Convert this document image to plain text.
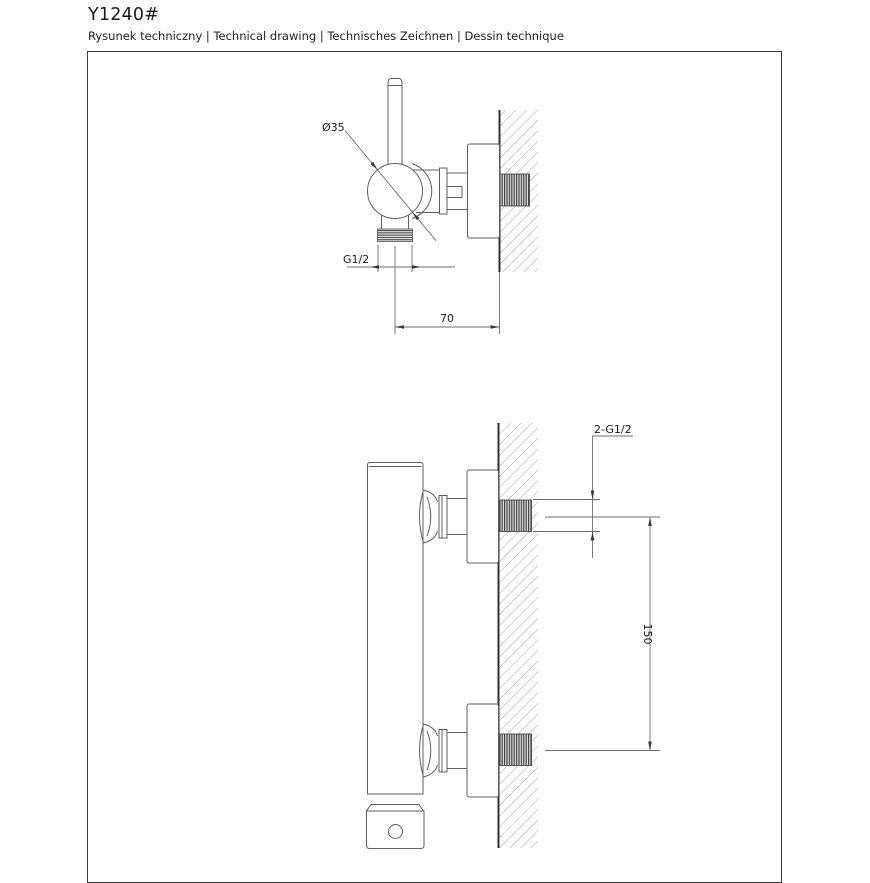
Y1240#
Rysunek techniczny | Technical drawing | Technisches Zeichnen | Dessin technique
Ø35
G1/2
70
2-G1/2
150
